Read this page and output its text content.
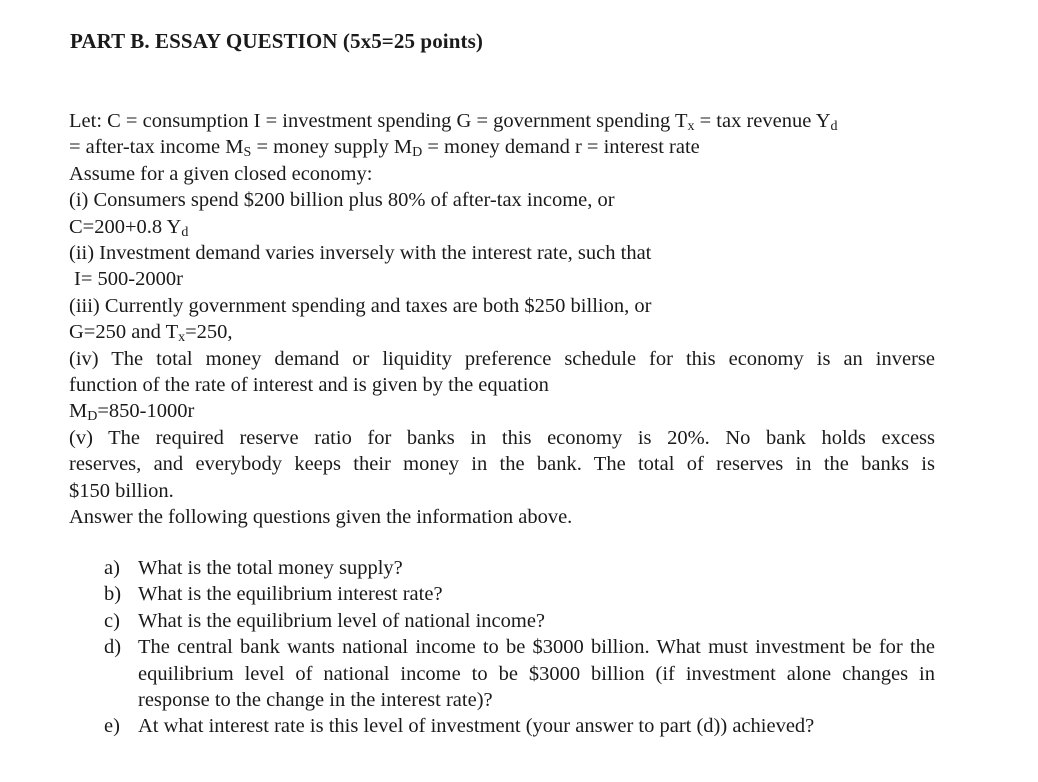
PART B. ESSAY QUESTION (5x5=25 points)
Let: C = consumption I = investment spending G = government spending $T_x$ = tax revenue $Y_d$
= after-tax income $M_S$ = money supply $M_D$ = money demand r = interest rate
Assume for a given closed economy:
(i) Consumers spend $200 billion plus 80% of after-tax income, or
C=200+0.8 $Y_d$
(ii) Investment demand varies inversely with the interest rate, such that
I= 500-2000r
(iii) Currently government spending and taxes are both $250 billion, or
G=250 and $T_x=250$,
(iv) The total money demand or liquidity preference schedule for this economy is an inverse
function of the rate of interest and is given by the equation
$M_D=850-1000r$
(v) The required reserve ratio for banks in this economy is 20%. No bank holds excess
reserves, and everybody keeps their money in the bank. The total of reserves in the banks is
$150 billion.
Answer the following questions given the information above.
a) What is the total money supply?
b) What is the equilibrium interest rate?
c) What is the equilibrium level of national income?
d) The central bank wants national income to be $3000 billion. What must investment be for the equilibrium level of national income to be $3000 billion (if investment alone changes in response to the change in the interest rate)?
e) At what interest rate is this level of investment (your answer to part (d)) achieved?
